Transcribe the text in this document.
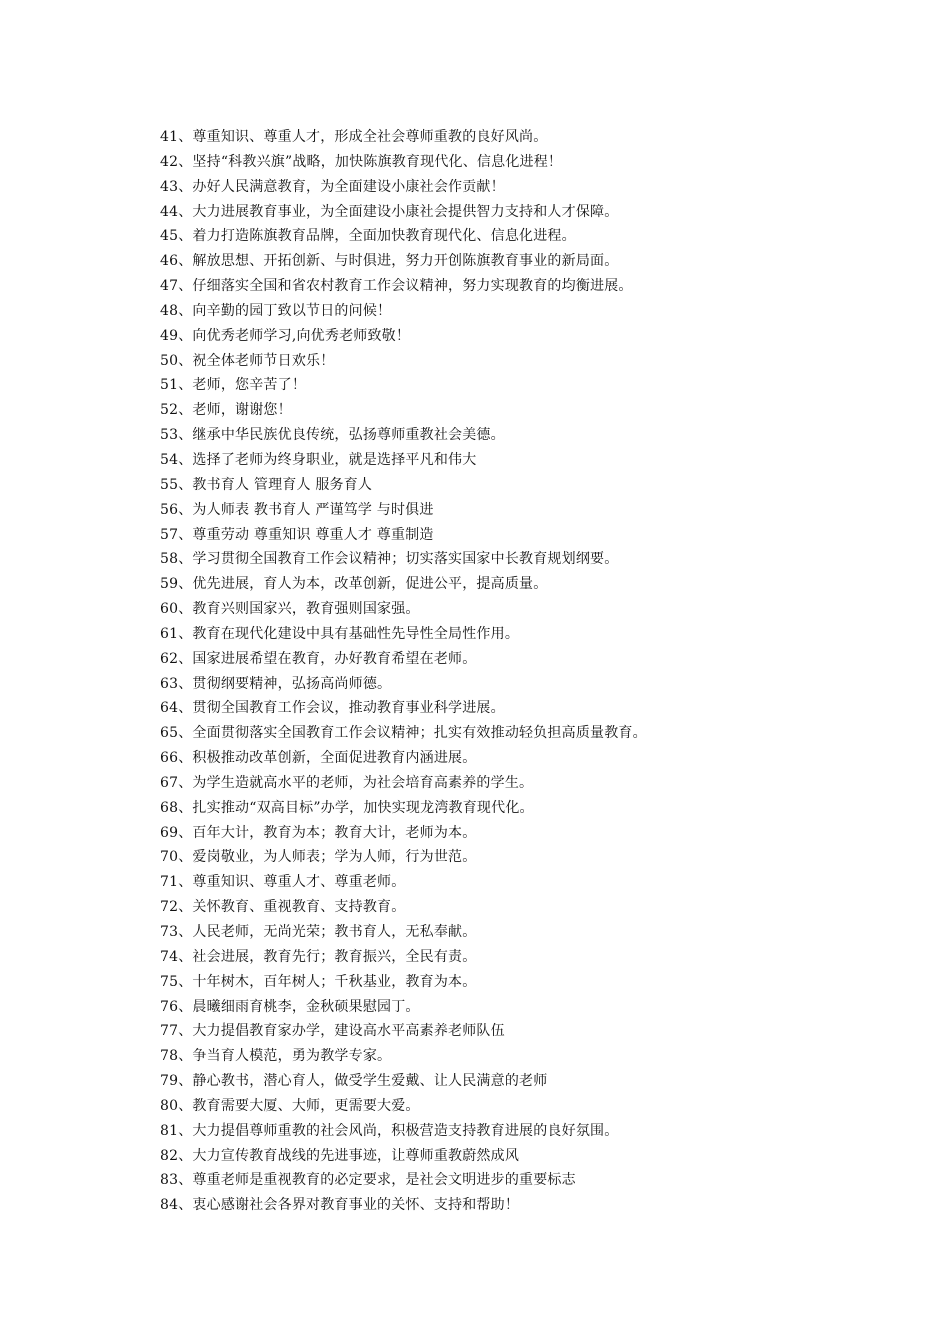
41、尊重知识、尊重人才，形成全社会尊师重教的良好风尚。
42、坚持“科教兴旗”战略，加快陈旗教育现代化、信息化进程！
43、办好人民满意教育，为全面建设小康社会作贡献！
44、大力进展教育事业，为全面建设小康社会提供智力支持和人才保障。
45、着力打造陈旗教育品牌，全面加快教育现代化、信息化进程。
46、解放思想、开拓创新、与时俱进，努力开创陈旗教育事业的新局面。
47、仔细落实全国和省农村教育工作会议精神，努力实现教育的均衡进展。
48、向辛勤的园丁致以节日的问候！
49、向优秀老师学习,向优秀老师致敬！
50、祝全体老师节日欢乐！
51、老师，您辛苦了！
52、老师，谢谢您！
53、继承中华民族优良传统，弘扬尊师重教社会美德。
54、选择了老师为终身职业，就是选择平凡和伟大
55、教书育人 管理育人 服务育人
56、为人师表 教书育人 严谨笃学 与时俱进
57、尊重劳动 尊重知识 尊重人才 尊重制造
58、学习贯彻全国教育工作会议精神；切实落实国家中长教育规划纲要。
59、优先进展，育人为本，改革创新，促进公平，提高质量。
60、教育兴则国家兴，教育强则国家强。
61、教育在现代化建设中具有基础性先导性全局性作用。
62、国家进展希望在教育，办好教育希望在老师。
63、贯彻纲要精神，弘扬高尚师德。
64、贯彻全国教育工作会议，推动教育事业科学进展。
65、全面贯彻落实全国教育工作会议精神；扎实有效推动轻负担高质量教育。
66、积极推动改革创新，全面促进教育内涵进展。
67、为学生造就高水平的老师，为社会培育高素养的学生。
68、扎实推动“双高目标”办学，加快实现龙湾教育现代化。
69、百年大计，教育为本；教育大计，老师为本。
70、爱岗敬业，为人师表；学为人师，行为世范。
71、尊重知识、尊重人才、尊重老师。
72、关怀教育、重视教育、支持教育。
73、人民老师，无尚光荣；教书育人，无私奉献。
74、社会进展，教育先行；教育振兴，全民有责。
75、十年树木，百年树人；千秋基业，教育为本。
76、晨曦细雨育桃李，金秋硕果慰园丁。
77、大力提倡教育家办学，建设高水平高素养老师队伍
78、争当育人模范，勇为教学专家。
79、静心教书，潜心育人，做受学生爱戴、让人民满意的老师
80、教育需要大厦、大师，更需要大爱。
81、大力提倡尊师重教的社会风尚，积极营造支持教育进展的良好氛围。
82、大力宣传教育战线的先进事迹，让尊师重教蔚然成风
83、尊重老师是重视教育的必定要求，是社会文明进步的重要标志
84、衷心感谢社会各界对教育事业的关怀、支持和帮助！
